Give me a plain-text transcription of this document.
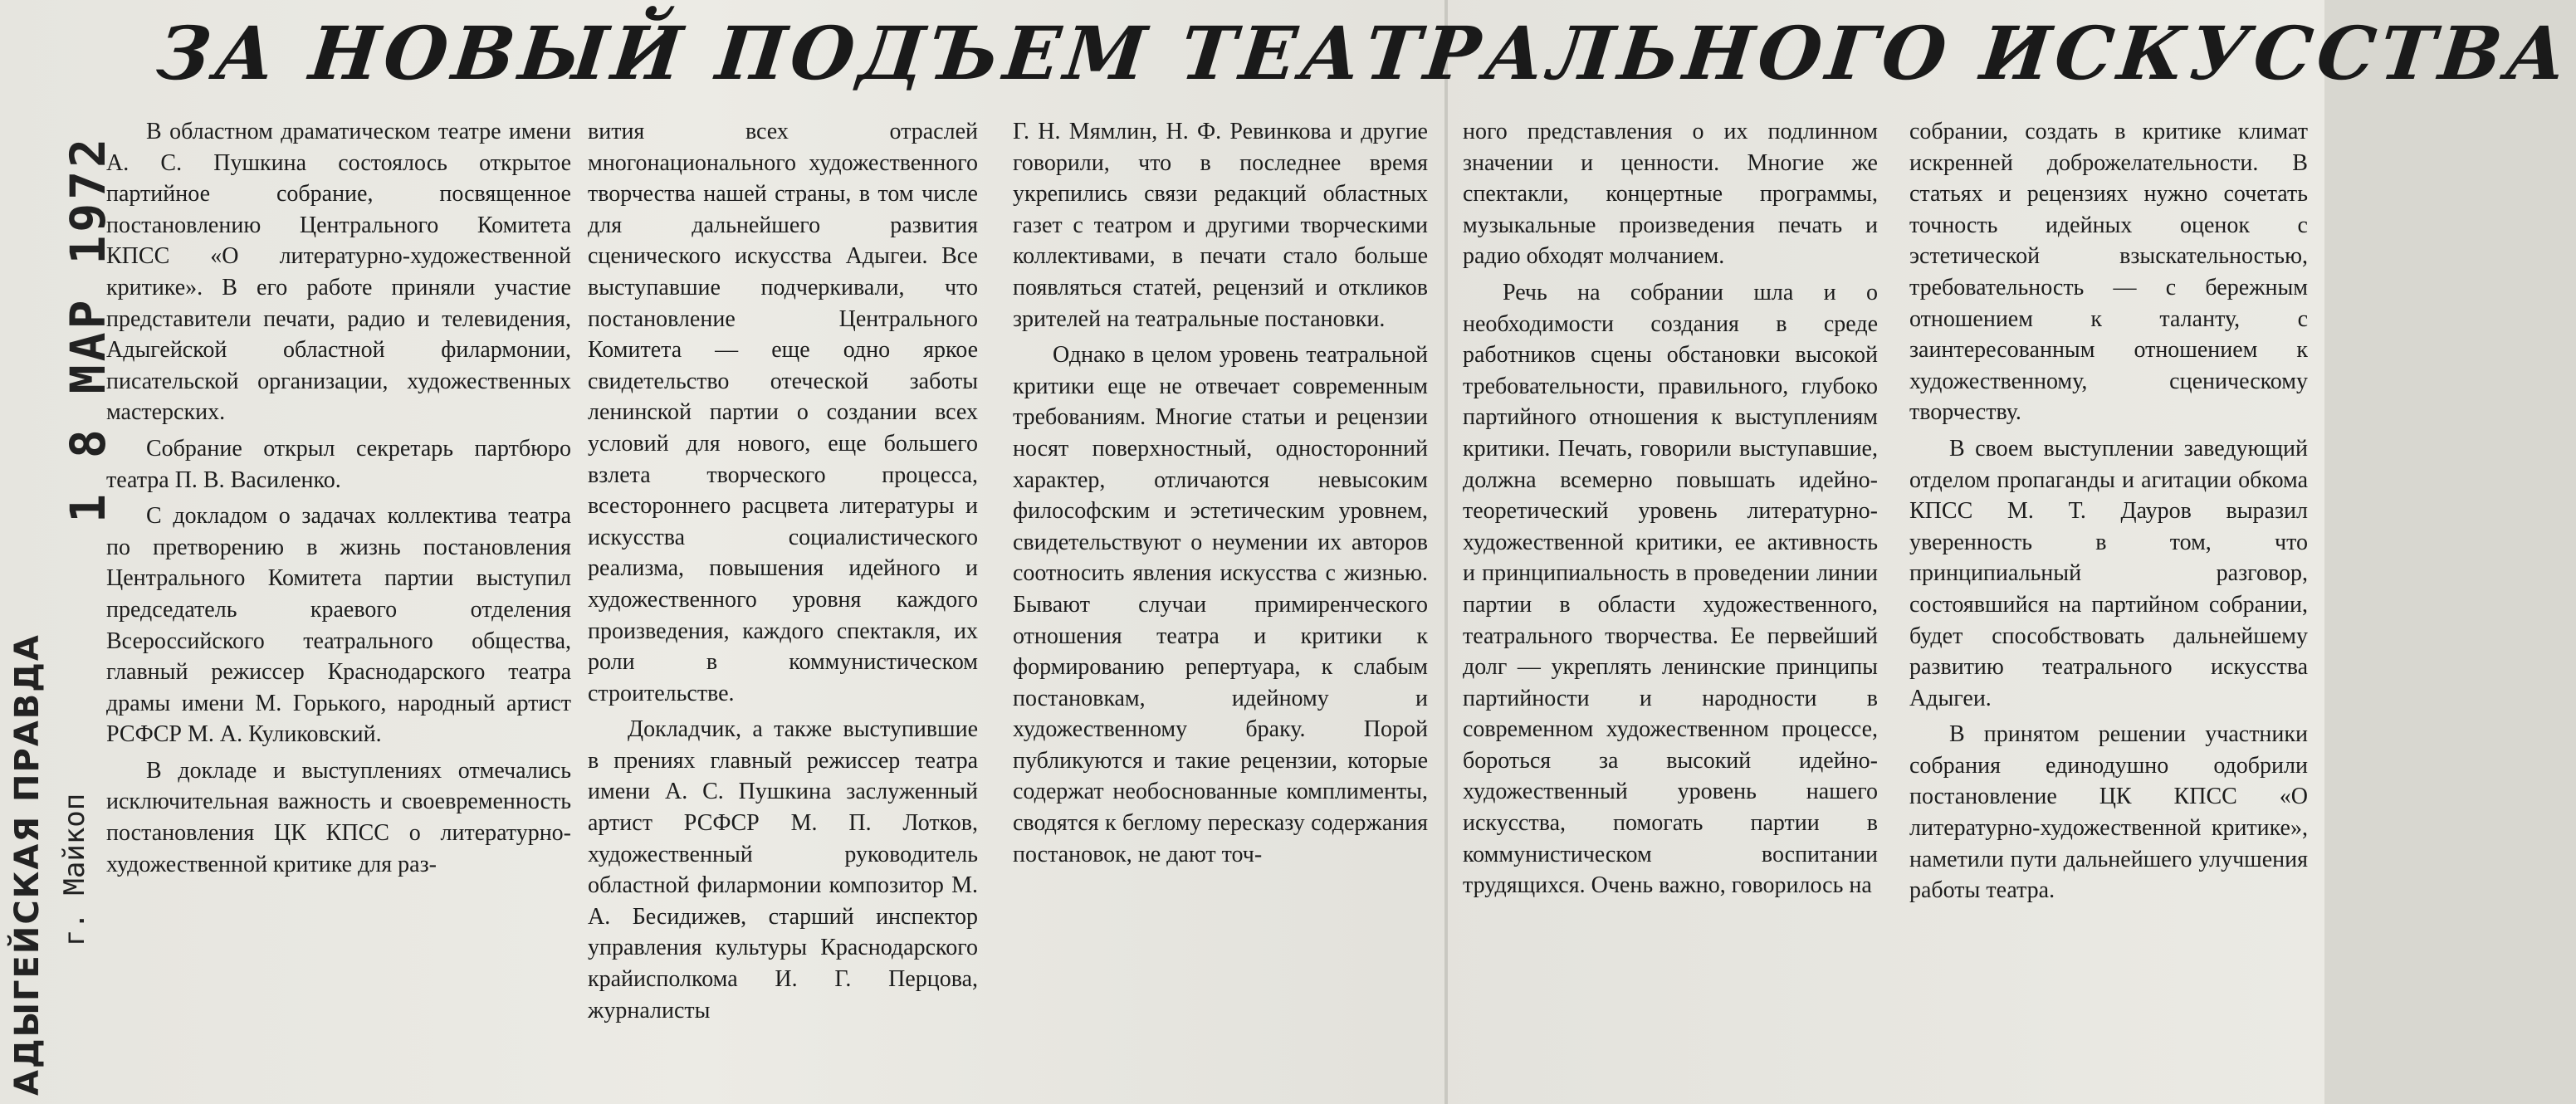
ЗА НОВЫЙ ПОДЪЕМ ТЕАТРАЛЬНОГО ИСКУССТВА
АДЫГЕЙСКАЯ ПРАВДА г. Майкоп
1 8 МАР 1972

В областном драматическом театре имени А. С. Пушкина состоялось открытое партийное собрание, посвященное постановлению Центрального Комитета КПСС «О литературно-художественной критике». В его работе приняли участие представители печати, радио и телевидения, Адыгейской областной филармонии, писательской организации, художественных мастерских.

Собрание открыл секретарь партбюро театра П. В. Василенко.

С докладом о задачах коллектива театра по претворению в жизнь постановления Центрального Комитета партии выступил председатель краевого отделения Всероссийского театрального общества, главный режиссер Краснодарского театра драмы имени М. Горького, народный артист РСФСР М. А. Куликовский.

В докладе и выступлениях отмечались исключительная важность и своевременность постановления ЦК КПСС о литературно-художественной критике для раз-

вития всех отраслей многонационального художественного творчества нашей страны, в том числе для дальнейшего развития сценического искусства Адыгеи. Все выступавшие подчеркивали, что постановление Центрального Комитета — еще одно яркое свидетельство отеческой заботы ленинской партии о создании всех условий для нового, еще большего взлета творческого процесса, всестороннего расцвета литературы и искусства социалистического реализма, повышения идейного и художественного уровня каждого произведения, каждого спектакля, их роли в коммунистическом строительстве.

Докладчик, а также выступившие в прениях главный режиссер театра имени А. С. Пушкина заслуженный артист РСФСР М. П. Лотков, художественный руководитель областной филармонии композитор М. А. Бесидижев, старший инспектор управления культуры Краснодарского крайисполкома И. Г. Перцова, журналисты

Г. Н. Мямлин, Н. Ф. Ревинкова и другие говорили, что в последнее время укрепились связи редакций областных газет с театром и другими творческими коллективами, в печати стало больше появляться статей, рецензий и откликов зрителей на театральные постановки.

Однако в целом уровень театральной критики еще не отвечает современным требованиям. Многие статьи и рецензии носят поверхностный, односторонний характер, отличаются невысоким философским и эстетическим уровнем, свидетельствуют о неумении их авторов соотносить явления искусства с жизнью. Бывают случаи примиренческого отношения театра и критики к формированию репертуара, к слабым постановкам, идейному и художественному браку. Порой публикуются и такие рецензии, которые содержат необоснованные комплименты, сводятся к беглому пересказу содержания постановок, не дают точ-

ного представления о их подлинном значении и ценности. Многие же спектакли, концертные программы, музыкальные произведения печать и радио обходят молчанием.

Речь на собрании шла и о необходимости создания в среде работников сцены обстановки высокой требовательности, правильного, глубоко партийного отношения к выступлениям критики. Печать, говорили выступавшие, должна всемерно повышать идейно-теоретический уровень литературно-художественной критики, ее активность и принципиальность в проведении линии партии в области художественного, театрального творчества. Ее первейший долг — укреплять ленинские принципы партийности и народности в современном художественном процессе, бороться за высокий идейно-художественный уровень нашего искусства, помогать партии в коммунистическом воспитании трудящихся. Очень важно, говорилось на

собрании, создать в критике климат искренней доброжелательности. В статьях и рецензиях нужно сочетать точность идейных оценок с эстетической взыскательностью, требовательность — с бережным отношением к таланту, с заинтересованным отношением к художественному, сценическому творчеству.

В своем выступлении заведующий отделом пропаганды и агитации обкома КПСС М. Т. Дауров выразил уверенность в том, что принципиальный разговор, состоявшийся на партийном собрании, будет способствовать дальнейшему развитию театрального искусства Адыгеи.

В принятом решении участники собрания единодушно одобрили постановление ЦК КПСС «О литературно-художественной критике», наметили пути дальнейшего улучшения работы театра.
